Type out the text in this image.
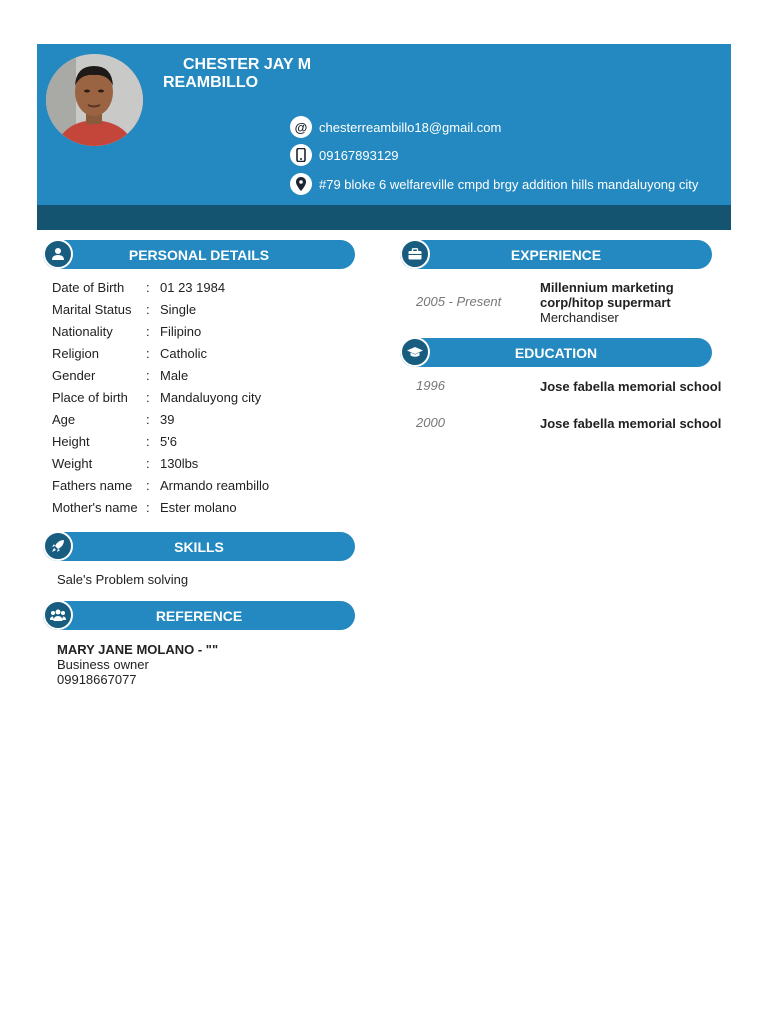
CHESTER JAY M
REAMBILLO
@ chesterreambillo18@gmail.com
09167893129
#79 bloke 6 welfareville cmpd brgy addition hills mandaluyong city
PERSONAL DETAILS
Date of Birth : 01 23 1984
Marital Status : Single
Nationality	: Filipino
Religion	: Catholic
Gender	: Male
Place of birth : Mandaluyong city
Age	: 39
Height	: 5'6
Weight	: 130lbs
Fathers name : Armando reambillo
Mother's name : Ester molano
SKILLS
Sale's Problem solving
REFERENCE
MARY JANE MOLANO - ""
Business owner
09918667077
EXPERIENCE
2005 - Present
Millennium marketing
corp/hitop supermart
Merchandiser
EDUCATION
1996	Jose fabella memorial school
2000	Jose fabella memorial school
